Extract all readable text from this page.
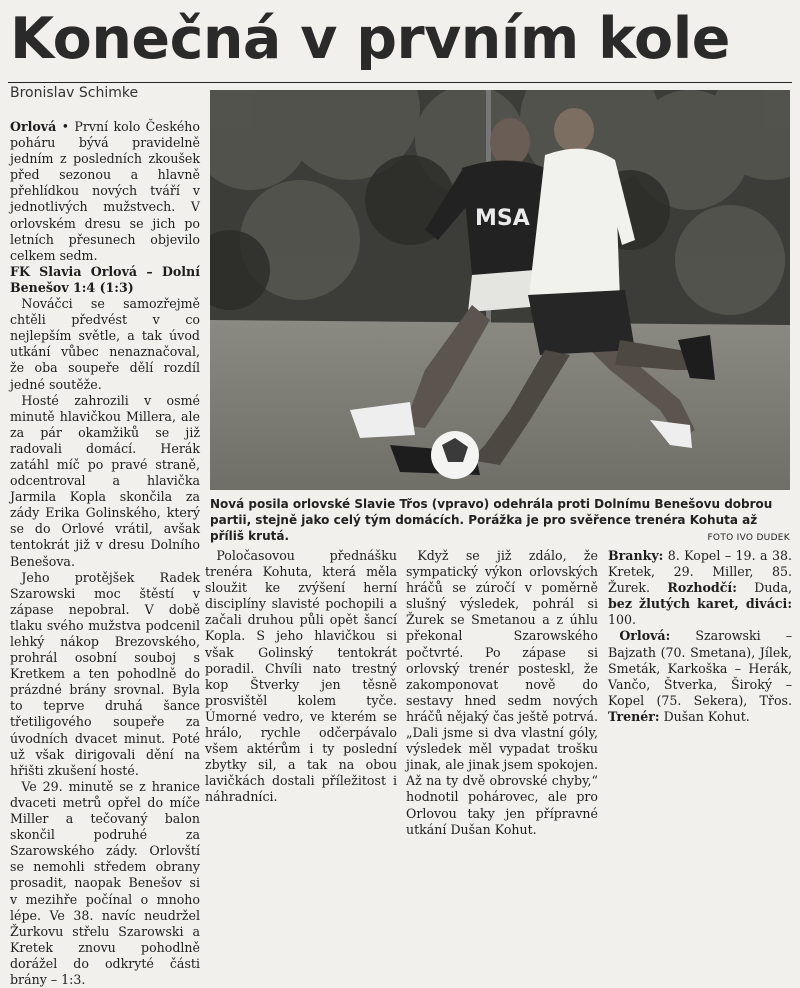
Konečná v prvním kole
Bronislav Schimke
MSA
Nová posila orlovské Slavie Třos (vpravo) odehrála proti Dolnímu Benešovu dobrou partii, stejně jako celý tým domácích. Porážka je pro svěřence trenéra Kohuta až příliš krutá.	FOTO IVO DUDEK

Orlová • První kolo Českého poháru bývá pravidelně jedním z posledních zkoušek před sezonou a hlavně přehlídkou nových tváří v jednotlivých mužstvech. V orlovském dresu se jich po letních přesunech objevilo celkem sedm.

FK Slavia Orlová – Dolní Benešov 1:4 (1:3)

Nováčci se samozřejmě chtěli předvést v co nejlepším světle, a tak úvod utkání vůbec nenaznačoval, že oba soupeře dělí rozdíl jedné soutěže.

Hosté zahrozili v osmé minutě hlavičkou Millera, ale za pár okamžiků se již radovali domácí. Herák zatáhl míč po pravé straně, odcentroval a hlavička Jarmila Kopla skončila za zády Erika Golinského, který se do Orlové vrátil, avšak tentokrát již v dresu Dolního Benešova.

Jeho protějšek Radek Szarowski moc štěstí v zápase nepobral. V době tlaku svého mužstva podcenil lehký nákop Brezovského, prohrál osobní souboj s Kretkem a ten pohodlně do prázdné brány srovnal. Byla to teprve druhá šance třetiligového soupeře za úvodních dvacet minut. Poté už však dirigovali dění na hřišti zkušení hosté.

Ve 29. minutě se z hranice dvaceti metrů opřel do míče Miller a tečovaný balon skončil podruhé za Szarowského zády. Orlovští se nemohli středem obrany prosadit, naopak Benešov si v mezihře počínal o mnoho lépe. Ve 38. navíc neudržel Žurkovu střelu Szarowski a Kretek znovu pohodlně dorážel do odkryté části brány – 1:3.

Poločasovou přednášku trenéra Kohuta, která měla sloužit ke zvýšení herní disciplíny slavisté pochopili a začali druhou půli opět šancí Kopla. S jeho hlavičkou si však Golinský tentokrát poradil. Chvíli nato trestný kop Štverky jen těsně prosvištěl kolem tyče. Úmorné vedro, ve kterém se hrálo, rychle odčerpávalo všem aktérům i ty poslední zbytky sil, a tak na obou lavičkách dostali příležitost i náhradníci.

Když se již zdálo, že sympatický výkon orlovských hráčů se zúročí v poměrně slušný výsledek, pohrál si Žurek se Smetanou a z úhlu překonal Szarowského počtvrté. Po zápase si orlovský trenér posteskl, že zakomponovat nově do sestavy hned sedm nových hráčů nějaký čas ještě potrvá. „Dali jsme si dva vlastní góly, výsledek měl vypadat trošku jinak, ale jinak jsem spokojen. Až na ty dvě obrovské chyby,“ hodnotil pohárovec, ale pro Orlovou taky jen přípravné utkání Dušan Kohut.

Branky: 8. Kopel – 19. a 38. Kretek, 29. Miller, 85. Žurek. Rozhodčí: Duda, bez žlutých karet, diváci: 100.

Orlová: Szarowski – Bajzath (70. Smetana), Jílek, Smeták, Karkoška – Herák, Vančo, Štverka, Široký – Kopel (75. Sekera), Třos. Trenér: Dušan Kohut.
